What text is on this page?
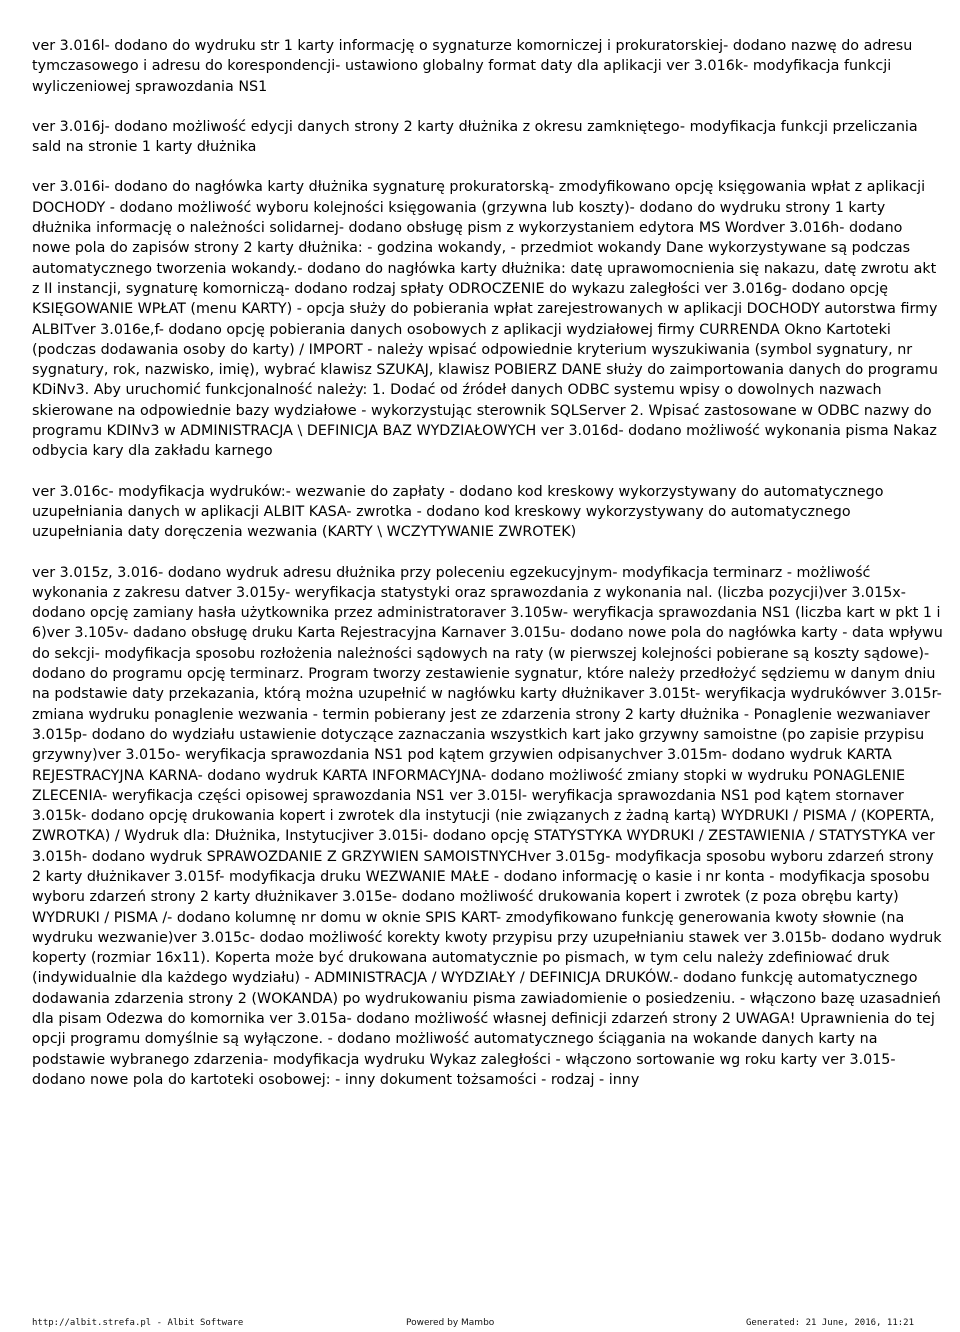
ver 3.016l- dodano do wydruku str 1 karty informację o sygnaturze komorniczej i prokuratorskiej- dodano nazwę do adresu tymczasowego i adresu do korespondencji- ustawiono globalny format daty dla aplikacji ver 3.016k- modyfikacja funkcji wyliczeniowej sprawozdania NS1

ver 3.016j- dodano możliwość edycji danych strony 2 karty dłużnika z okresu zamkniętego- modyfikacja funkcji przeliczania sald na stronie 1 karty dłużnika

ver 3.016i- dodano do nagłówka karty dłużnika sygnaturę prokuratorską- zmodyfikowano opcję księgowania wpłat z aplikacji DOCHODY - dodano możliwość wyboru kolejności księgowania (grzywna lub koszty)- dodano do wydruku strony 1 karty dłużnika informację o należności solidarnej- dodano obsługę pism z wykorzystaniem edytora MS Wordver 3.016h- dodano nowe pola do zapisów strony 2 karty dłużnika: - godzina wokandy, - przedmiot wokandy Dane wykorzystywane są podczas automatycznego tworzenia wokandy.- dodano do nagłówka karty dłużnika: datę uprawomocnienia się nakazu, datę zwrotu akt z II instancji, sygnaturę komorniczą- dodano rodzaj spłaty ODROCZENIE do wykazu zaległości ver 3.016g- dodano opcję KSIĘGOWANIE WPŁAT (menu KARTY) - opcja służy do pobierania wpłat zarejestrowanych w aplikacji DOCHODY autorstwa firmy ALBITver 3.016e,f- dodano opcję pobierania danych osobowych z aplikacji wydziałowej firmy CURRENDA Okno Kartoteki (podczas dodawania osoby do karty) / IMPORT - należy wpisać odpowiednie kryterium wyszukiwania (symbol sygnatury, nr sygnatury, rok, nazwisko, imię), wybrać klawisz SZUKAJ, klawisz POBIERZ DANE służy do zaimportowania danych do programu KDiNv3. Aby uruchomić funkcjonalność należy: 1. Dodać od źródeł danych ODBC systemu wpisy o dowolnych nazwach skierowane na odpowiednie bazy wydziałowe - wykorzystując sterownik SQLServer 2. Wpisać zastosowane w ODBC nazwy do programu KDINv3 w ADMINISTRACJA \ DEFINICJA BAZ WYDZIAŁOWYCH ver 3.016d- dodano możliwość wykonania pisma Nakaz odbycia kary dla zakładu karnego

ver 3.016c- modyfikacja wydruków:- wezwanie do zapłaty - dodano kod kreskowy wykorzystywany do automatycznego uzupełniania danych w aplikacji ALBIT KASA- zwrotka - dodano kod kreskowy wykorzystywany do automatycznego uzupełniania daty doręczenia wezwania (KARTY \ WCZYTYWANIE ZWROTEK)

ver 3.015z, 3.016- dodano wydruk adresu dłużnika przy poleceniu egzekucyjnym- modyfikacja terminarz - możliwość wykonania z zakresu datver 3.015y- weryfikacja statystyki oraz sprawozdania z wykonania nal. (liczba pozycji)ver 3.015x- dodano opcję zamiany hasła użytkownika przez administratoraver 3.105w- weryfikacja sprawozdania NS1 (liczba kart w pkt 1 i 6)ver 3.105v- dadano obsługę druku Karta Rejestracyjna Karnaver 3.015u- dodano nowe pola do nagłówka karty - data wpływu do sekcji- modyfikacja sposobu rozłożenia należności sądowych na raty (w pierwszej kolejności pobierane są koszty sądowe)- dodano do programu opcję terminarz. Program tworzy zestawienie sygnatur, które należy przedłożyć sędziemu w danym dniu na podstawie daty przekazania, którą można uzupełnić w nagłówku karty dłużnikaver 3.015t- weryfikacja wydrukówver 3.015r- zmiana wydruku ponaglenie wezwania - termin pobierany jest ze zdarzenia strony 2 karty dłużnika - Ponaglenie wezwaniaver 3.015p- dodano do wydziału ustawienie dotyczące zaznaczania wszystkich kart jako grzywny samoistne (po zapisie przypisu grzywny)ver 3.015o- weryfikacja sprawozdania NS1 pod kątem grzywien odpisanychver 3.015m- dodano wydruk KARTA REJESTRACYJNA KARNA- dodano wydruk KARTA INFORMACYJNA- dodano możliwość zmiany stopki w wydruku PONAGLENIE ZLECENIA- weryfikacja części opisowej sprawozdania NS1 ver 3.015l- weryfikacja sprawozdania NS1 pod kątem stornaver 3.015k- dodano opcję drukowania kopert i zwrotek dla instytucji (nie związanych z żadną kartą) WYDRUKI / PISMA / (KOPERTA, ZWROTKA) / Wydruk dla: Dłużnika, Instytucjiver 3.015i- dodano opcję STATYSTYKA WYDRUKI / ZESTAWIENIA / STATYSTYKA ver 3.015h- dodano wydruk SPRAWOZDANIE Z GRZYWIEN SAMOISTNYCHver 3.015g- modyfikacja sposobu wyboru zdarzeń strony 2 karty dłużnikaver 3.015f- modyfikacja druku WEZWANIE MAŁE - dodano informację o kasie i nr konta - modyfikacja sposobu wyboru zdarzeń strony 2 karty dłużnikaver 3.015e- dodano możliwość drukowania kopert i zwrotek (z poza obrębu karty) WYDRUKI / PISMA /- dodano kolumnę nr domu w oknie SPIS KART- zmodyfikowano funkcję generowania kwoty słownie (na wydruku wezwanie)ver 3.015c- dodao możliwość korekty kwoty przypisu przy uzupełnianiu stawek ver 3.015b- dodano wydruk koperty (rozmiar 16x11). Koperta może być drukowana automatycznie po pismach, w tym celu należy zdefiniować druk (indywidualnie dla każdego wydziału) - ADMINISTRACJA / WYDZIAŁY / DEFINICJA DRUKÓW.- dodano funkcję automatycznego dodawania zdarzenia strony 2 (WOKANDA) po wydrukowaniu pisma zawiadomienie o posiedzeniu. - włączono bazę uzasadnień dla pisam Odezwa do komornika ver 3.015a- dodano możliwość własnej definicji zdarzeń strony 2 UWAGA! Uprawnienia do tej opcji programu domyślnie są wyłączone. - dodano możliwość automatycznego ściągania na wokande danych karty na podstawie wybranego zdarzenia- modyfikacja wydruku Wykaz zaległości - włączono sortowanie wg roku karty ver 3.015- dodano nowe pola do kartoteki osobowej: - inny dokument tożsamości - rodzaj - inny

http://albit.strefa.pl - Albit Software	Powered by Mambo	Generated: 21 June, 2016, 11:21
